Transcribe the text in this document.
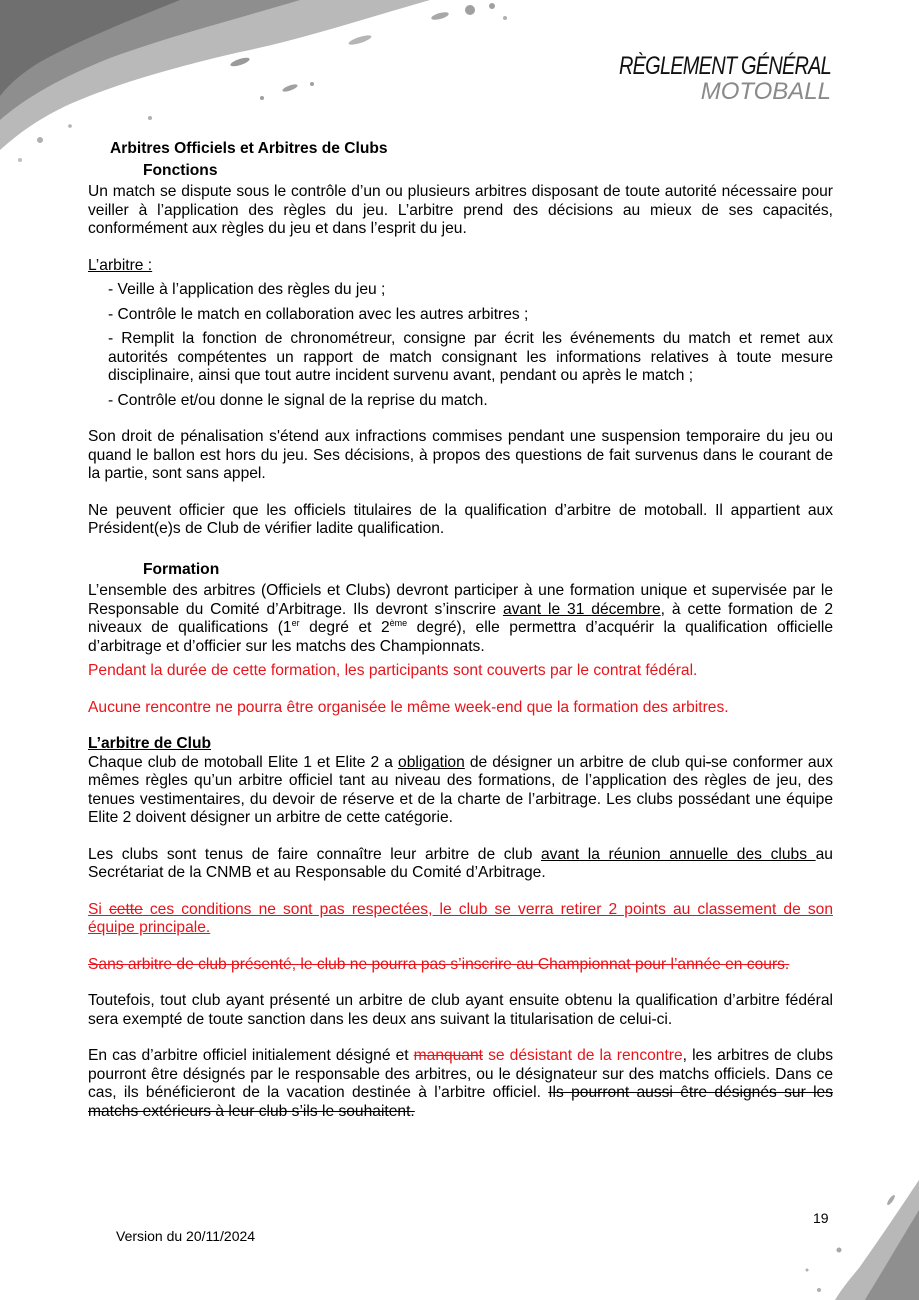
RÈGLEMENT GÉNÉRAL
MOTOBALL
Arbitres Officiels et Arbitres de Clubs
Fonctions

Un match se dispute sous le contrôle d’un ou plusieurs arbitres disposant de toute autorité nécessaire pour veiller à l’application des règles du jeu. L’arbitre prend des décisions au mieux de ses capacités, conformément aux règles du jeu et dans l’esprit du jeu.

L’arbitre :

- Veille à l’application des règles du jeu ;
- Contrôle le match en collaboration avec les autres arbitres ;
- Remplit la fonction de chronométreur, consigne par écrit les événements du match et remet aux autorités compétentes un rapport de match consignant les informations relatives à toute mesure disciplinaire, ainsi que tout autre incident survenu avant, pendant ou après le match ;
- Contrôle et/ou donne le signal de la reprise du match.

Son droit de pénalisation s'étend aux infractions commises pendant une suspension temporaire du jeu ou quand le ballon est hors du jeu. Ses décisions, à propos des questions de fait survenus dans le courant de la partie, sont sans appel.

Ne peuvent officier que les officiels titulaires de la qualification d’arbitre de motoball. Il appartient aux Président(e)s de Club de vérifier ladite qualification.

Formation

L’ensemble des arbitres (Officiels et Clubs) devront participer à une formation unique et supervisée par le Responsable du Comité d’Arbitrage. Ils devront s’inscrire avant le 31 décembre, à cette formation de 2 niveaux de qualifications (1er degré et 2ème degré), elle permettra d’acquérir la qualification officielle d’arbitrage et d’officier sur les matchs des Championnats.

Pendant la durée de cette formation, les participants sont couverts par le contrat fédéral.

Aucune rencontre ne pourra être organisée le même week-end que la formation des arbitres.

L’arbitre de Club

Chaque club de motoball Elite 1 et Elite 2 a obligation de désigner un arbitre de club qui-se conformer aux mêmes règles qu’un arbitre officiel tant au niveau des formations, de l’application des règles de jeu, des tenues vestimentaires, du devoir de réserve et de la charte de l’arbitrage. Les clubs possédant une équipe Elite 2 doivent désigner un arbitre de cette catégorie.

Les clubs sont tenus de faire connaître leur arbitre de club avant la réunion annuelle des clubs au Secrétariat de la CNMB et au Responsable du Comité d’Arbitrage.

Si cette ces conditions ne sont pas respectées, le club se verra retirer 2 points au classement de son équipe principale.

Sans arbitre de club présenté, le club ne pourra pas s’inscrire au Championnat pour l’année en cours.

Toutefois, tout club ayant présenté un arbitre de club ayant ensuite obtenu la qualification d’arbitre fédéral sera exempté de toute sanction dans les deux ans suivant la titularisation de celui-ci.

En cas d’arbitre officiel initialement désigné et manquant se désistant de la rencontre, les arbitres de clubs pourront être désignés par le responsable des arbitres, ou le désignateur sur des matchs officiels. Dans ce cas, ils bénéficieront de la vacation destinée à l’arbitre officiel. Ils pourront aussi être désignés sur les matchs extérieurs à leur club s’ils le souhaitent.

19
Version du 20/11/2024
